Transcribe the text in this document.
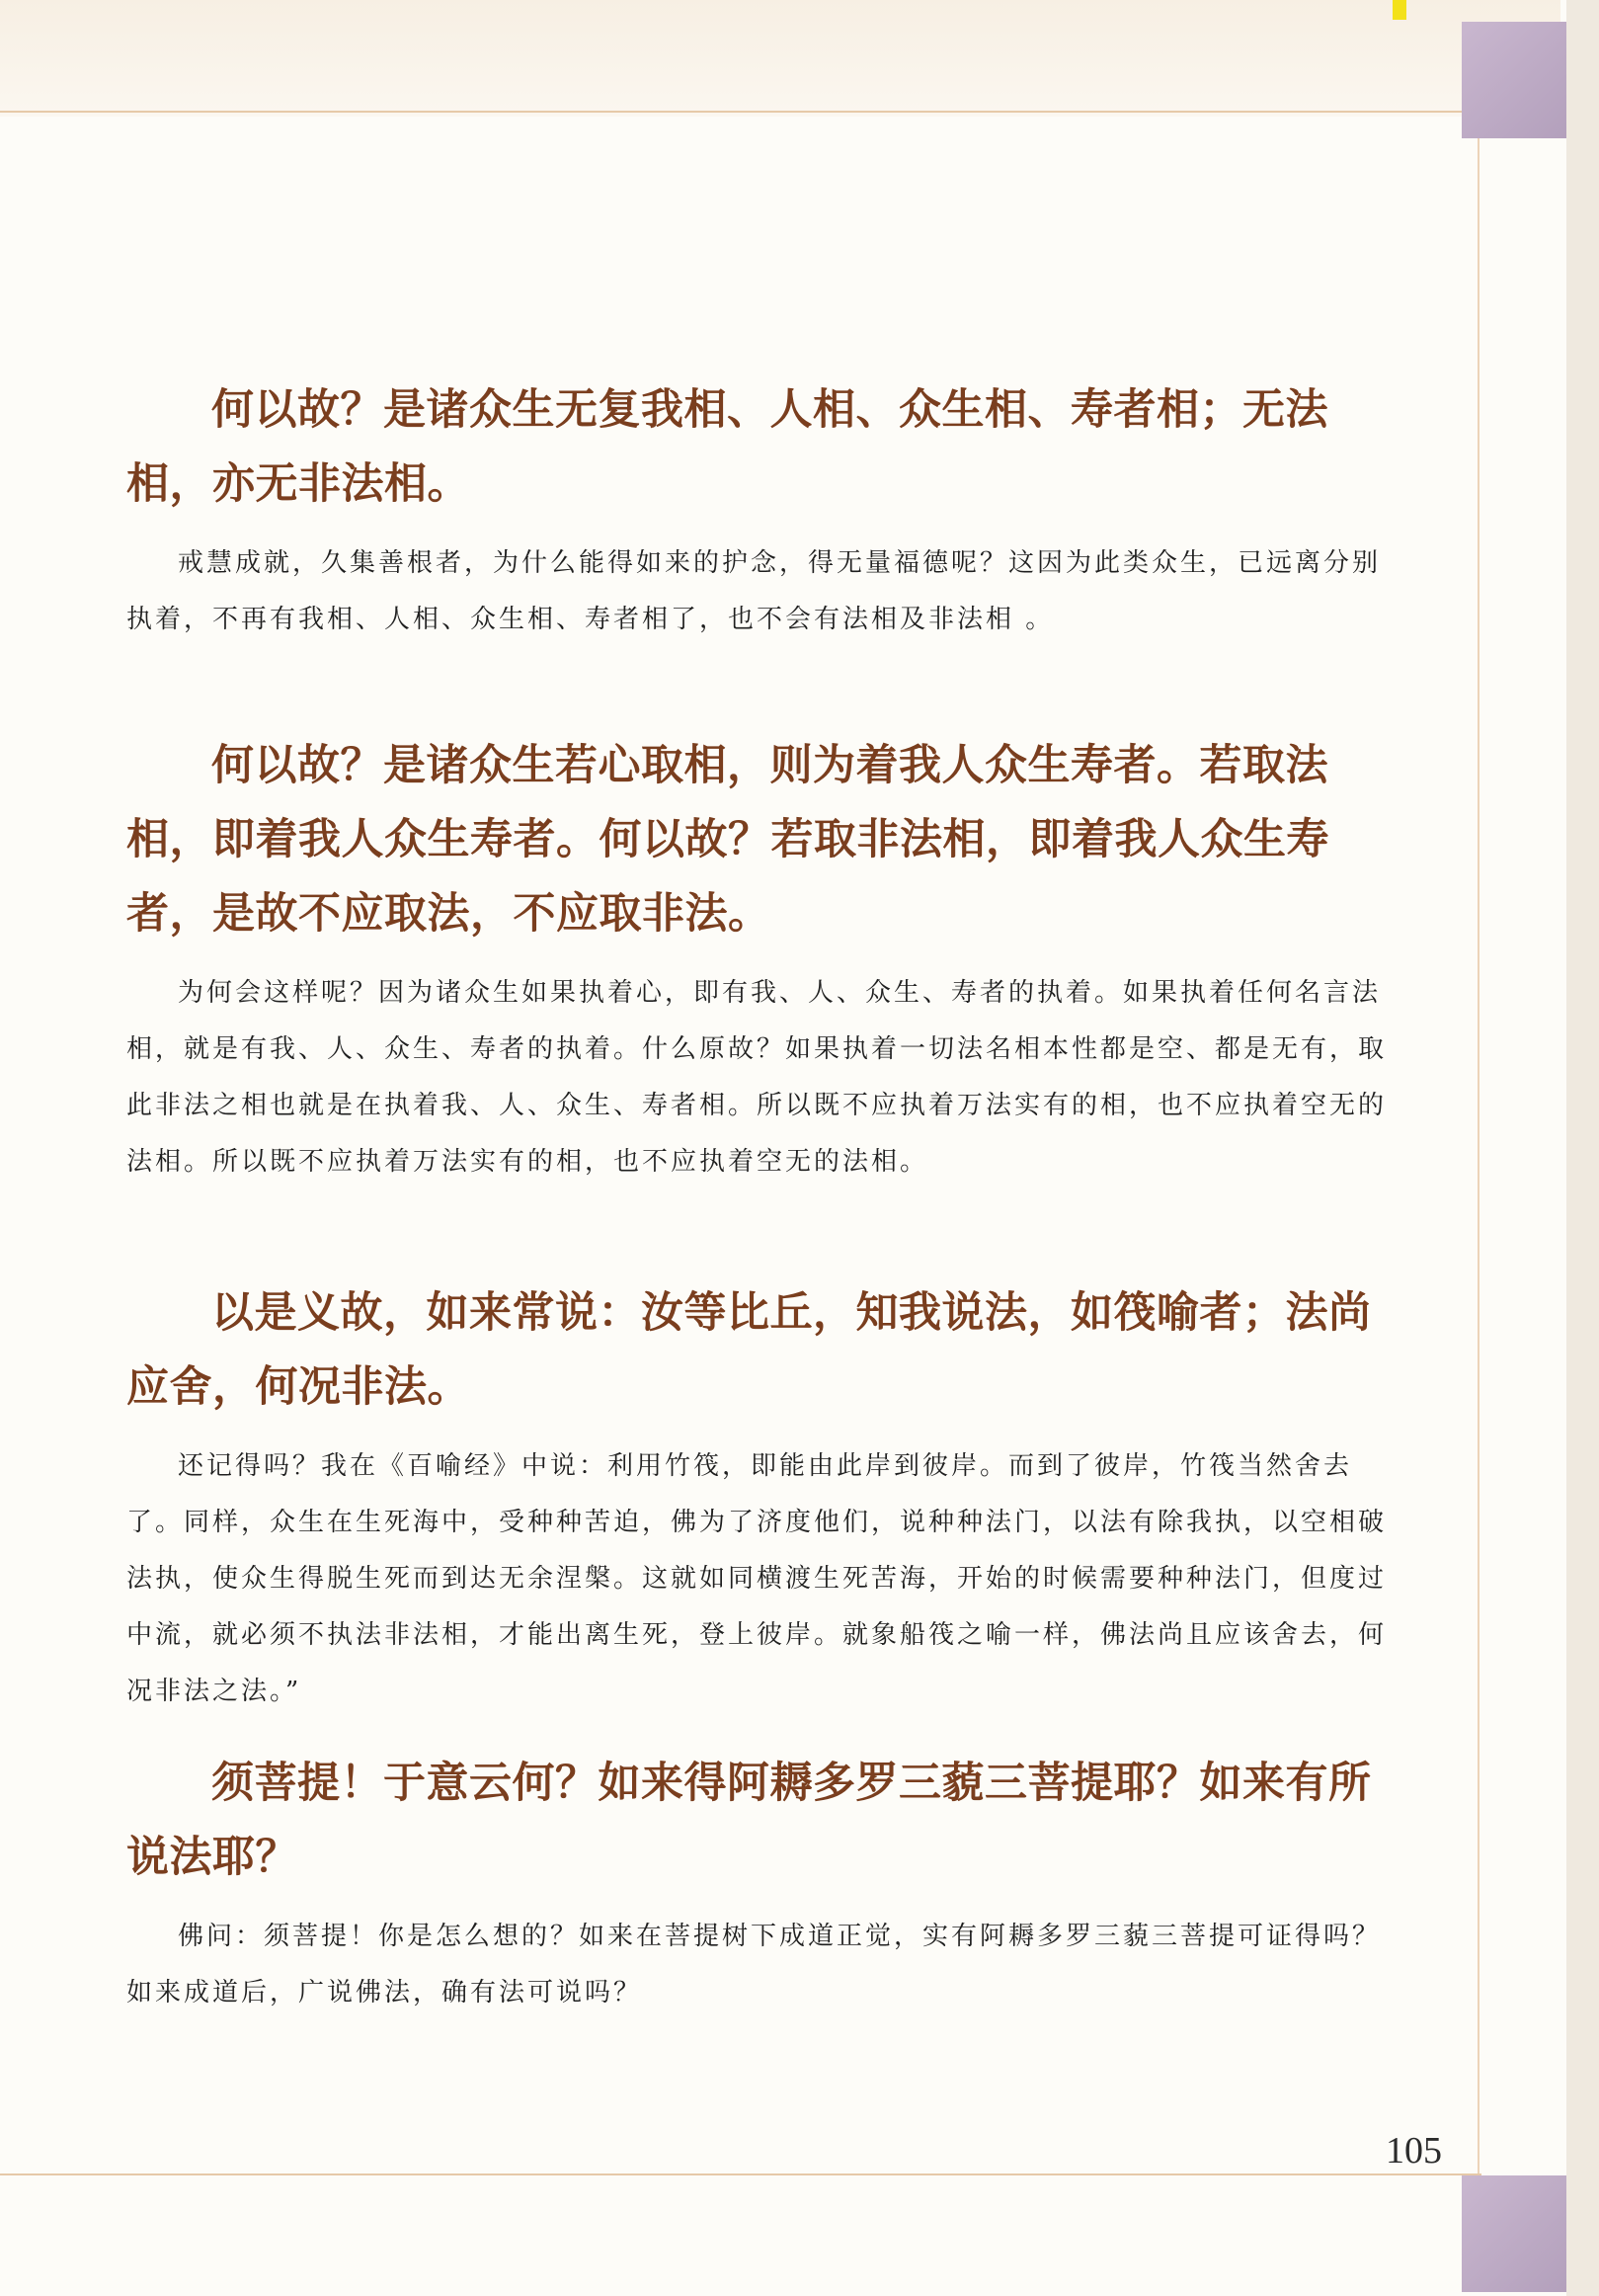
何以故？是诸众生无复我相、人相、众生相、寿者相；无法相，亦无非法相。

戒慧成就，久集善根者，为什么能得如来的护念，得无量福德呢？这因为此类众生，已远离分别执着，不再有我相、人相、众生相、寿者相了，也不会有法相及非法相 。

何以故？是诸众生若心取相，则为着我人众生寿者。若取法相，即着我人众生寿者。何以故？若取非法相，即着我人众生寿者，是故不应取法，不应取非法。

为何会这样呢？因为诸众生如果执着心，即有我、人、众生、寿者的执着。如果执着任何名言法相，就是有我、人、众生、寿者的执着。什么原故？如果执着一切法名相本性都是空、都是无有，取此非法之相也就是在执着我、人、众生、寿者相。所以既不应执着万法实有的相，也不应执着空无的法相。所以既不应执着万法实有的相，也不应执着空无的法相。

以是义故，如来常说：汝等比丘，知我说法，如筏喻者；法尚应舍，何况非法。

还记得吗？我在《百喻经》中说：利用竹筏，即能由此岸到彼岸。而到了彼岸，竹筏当然舍去了。同样，众生在生死海中，受种种苦迫，佛为了济度他们，说种种法门，以法有除我执，以空相破法执，使众生得脱生死而到达无余涅槃。这就如同横渡生死苦海，开始的时候需要种种法门，但度过中流，就必须不执法非法相，才能出离生死，登上彼岸。就象船筏之喻一样，佛法尚且应该舍去，何况非法之法。”

须菩提！于意云何？如来得阿耨多罗三藐三菩提耶？如来有所说法耶？

佛问：须菩提！你是怎么想的？如来在菩提树下成道正觉，实有阿耨多罗三藐三菩提可证得吗？如来成道后，广说佛法，确有法可说吗？

105
